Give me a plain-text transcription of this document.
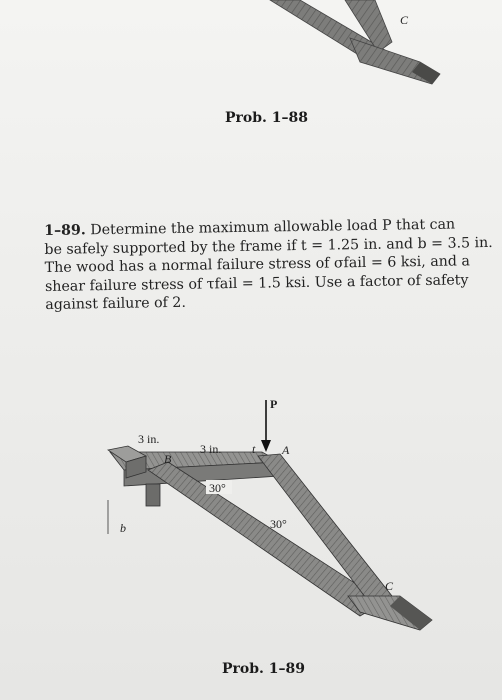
C
Prob. 1–88
1–89. Determine the maximum allowable load P that can
be safely supported by the frame if t = 1.25 in. and b = 3.5 in.
The wood has a normal failure stress of σfail = 6 ksi, and a
shear failure stress of τfail = 1.5 ksi. Use a factor of safety
against failure of 2.
P
3 in.
3 in.
B
A
t
C
b
30°
30°
Prob. 1–89
